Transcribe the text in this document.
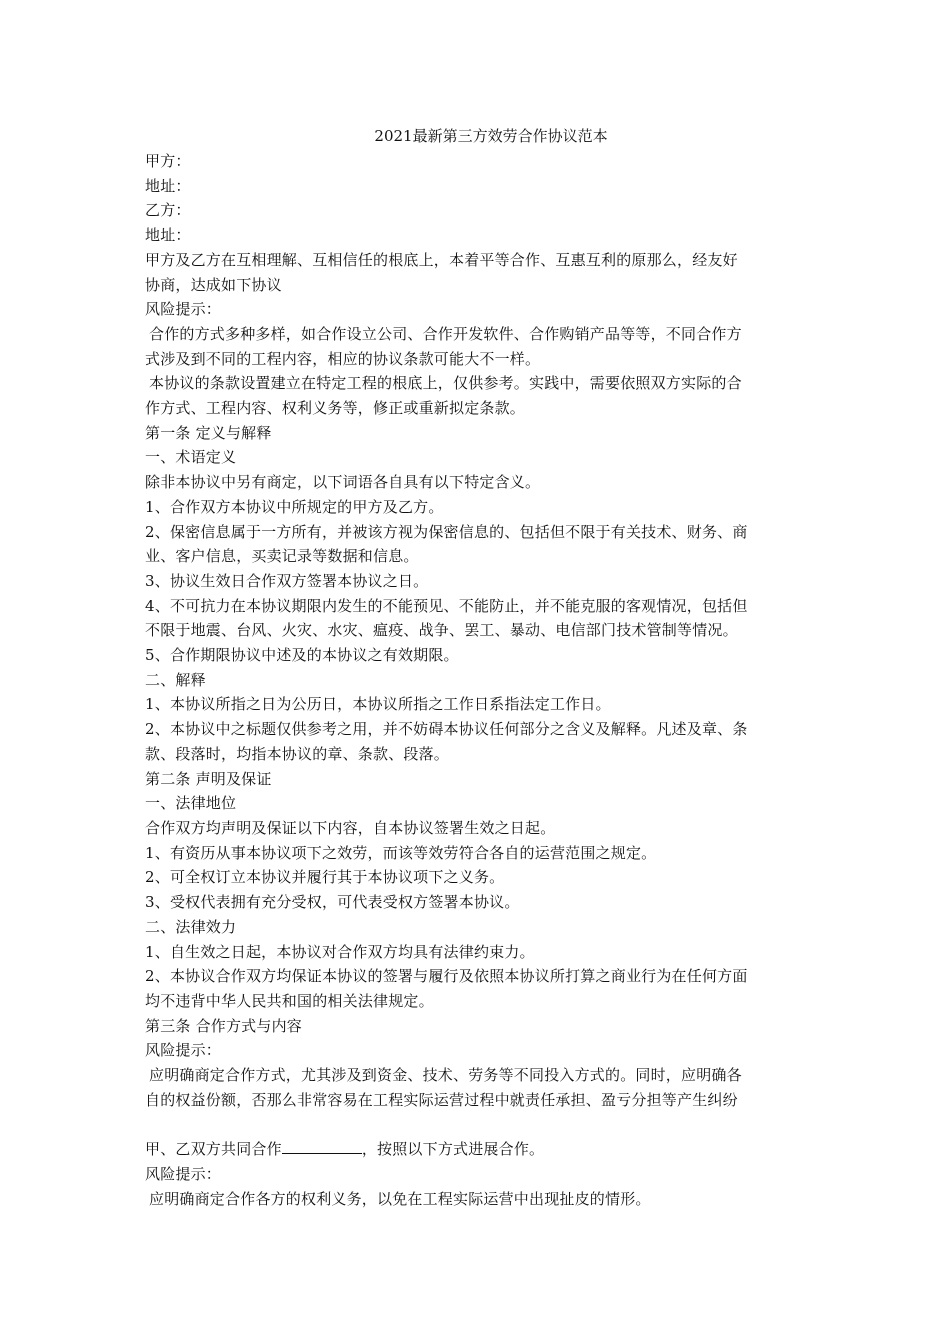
2021最新第三方效劳合作协议范本

甲方：

地址：

乙方：

地址：

甲方及乙方在互相理解、互相信任的根底上，本着平等合作、互惠互利的原那么，经友好

协商，达成如下协议

风险提示：

合作的方式多种多样，如合作设立公司、合作开发软件、合作购销产品等等，不同合作方

式涉及到不同的工程内容，相应的协议条款可能大不一样。

本协议的条款设置建立在特定工程的根底上，仅供参考。实践中，需要依照双方实际的合

作方式、工程内容、权利义务等，修正或重新拟定条款。

第一条 定义与解释

一、术语定义

除非本协议中另有商定，以下词语各自具有以下特定含义。

1、合作双方本协议中所规定的甲方及乙方。

2、保密信息属于一方所有，并被该方视为保密信息的、包括但不限于有关技术、财务、商

业、客户信息，买卖记录等数据和信息。

3、协议生效日合作双方签署本协议之日。

4、不可抗力在本协议期限内发生的不能预见、不能防止，并不能克服的客观情况，包括但

不限于地震、台风、火灾、水灾、瘟疫、战争、罢工、暴动、电信部门技术管制等情况。

5、合作期限协议中述及的本协议之有效期限。

二、解释

1、本协议所指之日为公历日，本协议所指之工作日系指法定工作日。

2、本协议中之标题仅供参考之用，并不妨碍本协议任何部分之含义及解释。凡述及章、条

款、段落时，均指本协议的章、条款、段落。

第二条 声明及保证

一、法律地位

合作双方均声明及保证以下内容，自本协议签署生效之日起。

1、有资历从事本协议项下之效劳，而该等效劳符合各自的运营范围之规定。

2、可全权订立本协议并履行其于本协议项下之义务。

3、受权代表拥有充分受权，可代表受权方签署本协议。

二、法律效力

1、自生效之日起，本协议对合作双方均具有法律约束力。

2、本协议合作双方均保证本协议的签署与履行及依照本协议所打算之商业行为在任何方面

均不违背中华人民共和国的相关法律规定。

第三条 合作方式与内容

风险提示：

应明确商定合作方式，尤其涉及到资金、技术、劳务等不同投入方式的。同时，应明确各

自的权益份额，否那么非常容易在工程实际运营过程中就责任承担、盈亏分担等产生纠纷

甲、乙双方共同合作	，按照以下方式进展合作。

风险提示：

应明确商定合作各方的权利义务，以免在工程实际运营中出现扯皮的情形。
